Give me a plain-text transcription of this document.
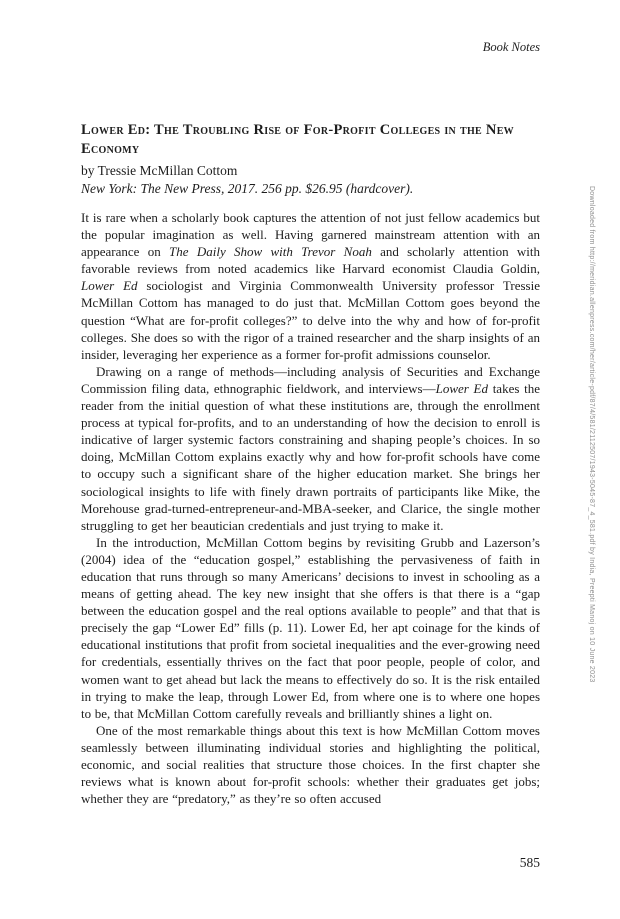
Book Notes
Downloaded from http://meridian.allenpress.com/her/article-pdf/87/4/581/2112507/1943-5045-87_4_581.pdf by India, Preepti Manoj on 10 June 2023
Lower Ed: The Troubling Rise of For-Profit Colleges in the New Economy
by Tressie McMillan Cottom
New York: The New Press, 2017. 256 pp. $26.95 (hardcover).

It is rare when a scholarly book captures the attention of not just fellow academics but the popular imagination as well. Having garnered mainstream attention with an appearance on The Daily Show with Trevor Noah and scholarly attention with favorable reviews from noted academics like Harvard economist Claudia Goldin, Lower Ed sociologist and Virginia Commonwealth University professor Tressie McMillan Cottom has managed to do just that. McMillan Cottom goes beyond the question “What are for-profit colleges?” to delve into the why and how of for-profit colleges. She does so with the rigor of a trained researcher and the sharp insights of an insider, leveraging her experience as a former for-profit admissions counselor.

Drawing on a range of methods—including analysis of Securities and Exchange Commission filing data, ethnographic fieldwork, and interviews—Lower Ed takes the reader from the initial question of what these institutions are, through the enrollment process at typical for-profits, and to an understanding of how the decision to enroll is indicative of larger systemic factors constraining and shaping people’s choices. In so doing, McMillan Cottom explains exactly why and how for-profit schools have come to occupy such a significant share of the higher education market. She brings her sociological insights to life with finely drawn portraits of participants like Mike, the Morehouse grad-turned-entrepreneur-and-MBA-seeker, and Clarice, the single mother struggling to get her beautician credentials and just trying to make it.

In the introduction, McMillan Cottom begins by revisiting Grubb and Lazerson’s (2004) idea of the “education gospel,” establishing the pervasiveness of faith in education that runs through so many Americans’ decisions to invest in schooling as a means of getting ahead. The key new insight that she offers is that there is a “gap between the education gospel and the real options available to people” and that that is precisely the gap “Lower Ed” fills (p. 11). Lower Ed, her apt coinage for the kinds of educational institutions that profit from societal inequalities and the ever-growing need for credentials, essentially thrives on the fact that poor people, people of color, and women want to get ahead but lack the means to effectively do so. It is the risk entailed in trying to make the leap, through Lower Ed, from where one is to where one hopes to be, that McMillan Cottom carefully reveals and brilliantly shines a light on.

One of the most remarkable things about this text is how McMillan Cottom moves seamlessly between illuminating individual stories and highlighting the political, economic, and social realities that structure those choices. In the first chapter she reviews what is known about for-profit schools: whether their graduates get jobs; whether they are “predatory,” as they’re so often accused

585
